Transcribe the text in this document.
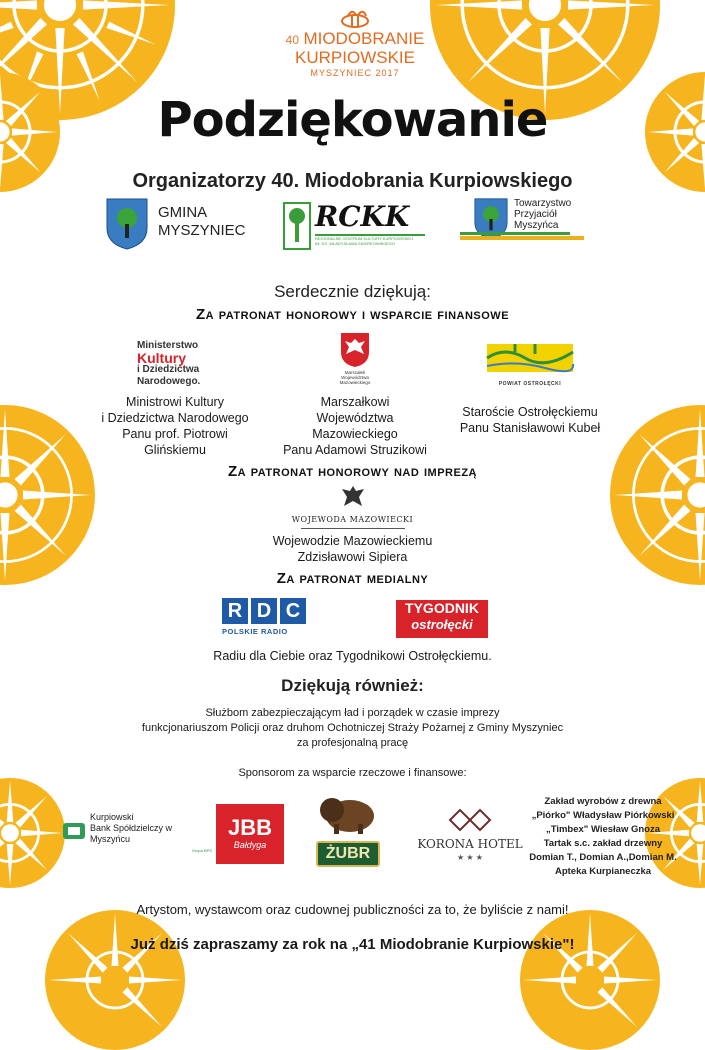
40 MIODOBRANIE
KURPIOWSKIE
MYSZYNIEC 2017
Podziękowanie
Organizatorzy 40. Miodobrania Kurpiowskiego
GMINA
MYSZYNIEC RCKK
REGIONALNE CENTRUM KULTURY KURPIOWSKIEJ
IM. KS. WŁADYSŁAWA SKIERKOWSKIEGO
Towarzystwo
Przyjaciół
Myszyńca
Serdecznie dziękują:
Za patronat honorowy i wsparcie finansowe
Ministerstwo
Kultury
i Dziedzictwa
Narodowego.
Ministrowi Kultury
i Dziedzictwa Narodowego
Panu prof. Piotrowi Glińskiemu
Marszałek
Województwa
Mazowieckiego
Marszałkowi
Województwa Mazowieckiego
Panu Adamowi Struzikowi
POWIAT OSTROŁĘCKI
Staroście Ostrołęckiemu
Panu Stanisławowi Kubeł
Za patronat honorowy nad imprezą
WOJEWODA MAZOWIECKI
Wojewodzie Mazowieckiemu
Zdzisławowi Sipiera
Za patronat medialny
R D C
POLSKIE RADIO
TYGODNIK
ostrołęcki
Radiu dla Ciebie oraz Tygodnikowi Ostrołęckiemu.
Dziękują również:
Służbom zabezpieczającym ład i porządek w czasie imprezy
funkcjonariuszom Policji oraz druhom Ochotniczej Straży Pożarnej z Gminy Myszyniec
za profesjonalną pracę
Sponsorom za wsparcie rzeczowe i finansowe:
Kurpiowski
Bank Spółdzielczy w Myszyńcu
Grupa BPS
JBB
Bałdyga	ŻUBR
KORONA HOTEL
★ ★ ★
Zakład wyrobów z drewna
„Piórko" Władysław Piórkowski
„Timbex" Wiesław Gnoza
Tartak s.c. zakład drzewny
Domian T., Domian A.,Domian M.
Apteka Kurpianeczka
Artystom, wystawcom oraz cudownej publiczności za to, że byliście z nami!
Już dziś zapraszamy za rok na „41 Miodobranie Kurpiowskie"!
